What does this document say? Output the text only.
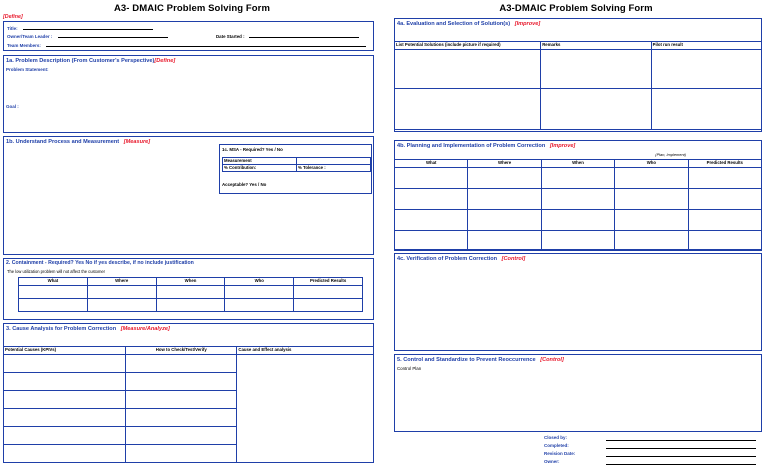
A3- DMAIC Problem Solving Form
[Define]
Title:
Owner/Team Leader :
Team Members:
Date Started :
1a. Problem Description (From Customer's Perspective)[Define]
Problem Statement:
Goal :
1b. Understand Process and Measurement [Measure]
1c. MSA - Required? Yes / No
Measurement	
% Contribution:	% Tolerance :
Acceptable? Yes / No
2. Containment - Required? Yes No if yes describe, if no include justification
The low utilization problem will not affect the customer
What	Where	When	Who	Predicted Results

3. Cause Analysis for Problem Correction [Measure/Analyze]
Potential Causes (KPIVs)	How to Check/Test/Verify	Cause and Effect analysis

A3-DMAIC Problem Solving Form
4a. Evaluation and Selection of Solution(s) [Improve]
List Potential Solutions (include picture if required)	Remarks	Pilot run result

4b. Planning and Implementation of Problem Correction [Improve]
(Plan, Implement)
What	Where	When	Who	Predicted Results

4c. Verification of Problem Correction [Control]
5. Control and Standardize to Prevent Reoccurrence [Control]
Control Plan
Closed by:
Completed:
Revision Date:
Owner:
